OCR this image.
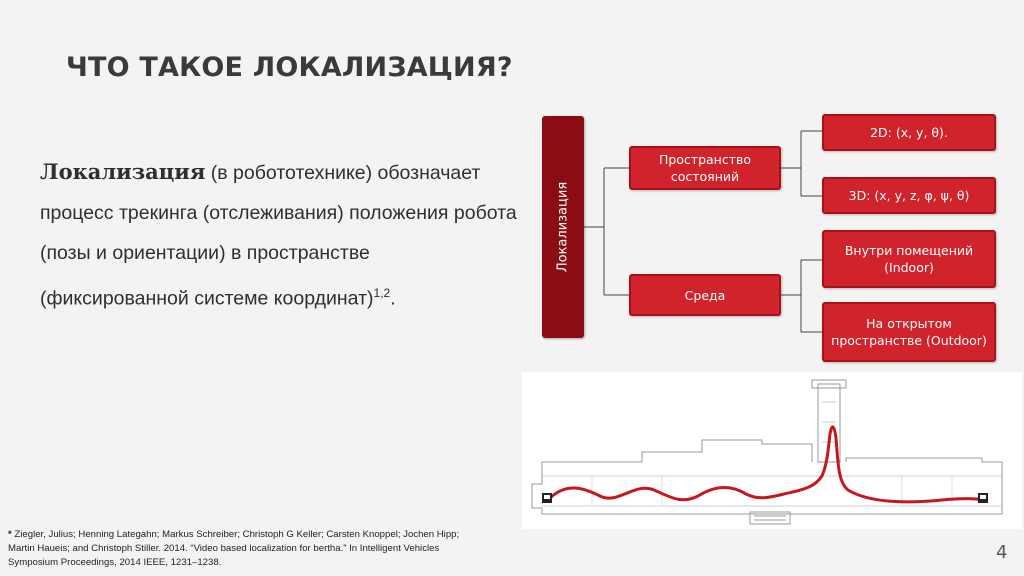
ЧТО ТАКОЕ ЛОКАЛИЗАЦИЯ?
Локализация (в робототехнике) обозначает процесс трекинга (отслеживания) положения робота (позы и ориентации) в пространстве (фиксированной системе координат)$^{1,2}$.
Локализация
Пространство состояний
Среда
2D: (x, y, θ).
3D: (x, y, z, φ, ψ, θ)
Внутри помещений (Indoor)
На открытом пространстве (Outdoor)
* Ziegler, Julius; Henning Lategahn; Markus Schreiber; Christoph G Keller; Carsten Knoppel; Jochen Hipp; Martin Haueis; and Christoph Stiller. 2014. “Video based localization for bertha.” In Intelligent Vehicles Symposium Proceedings, 2014 IEEE, 1231–1238.	4
